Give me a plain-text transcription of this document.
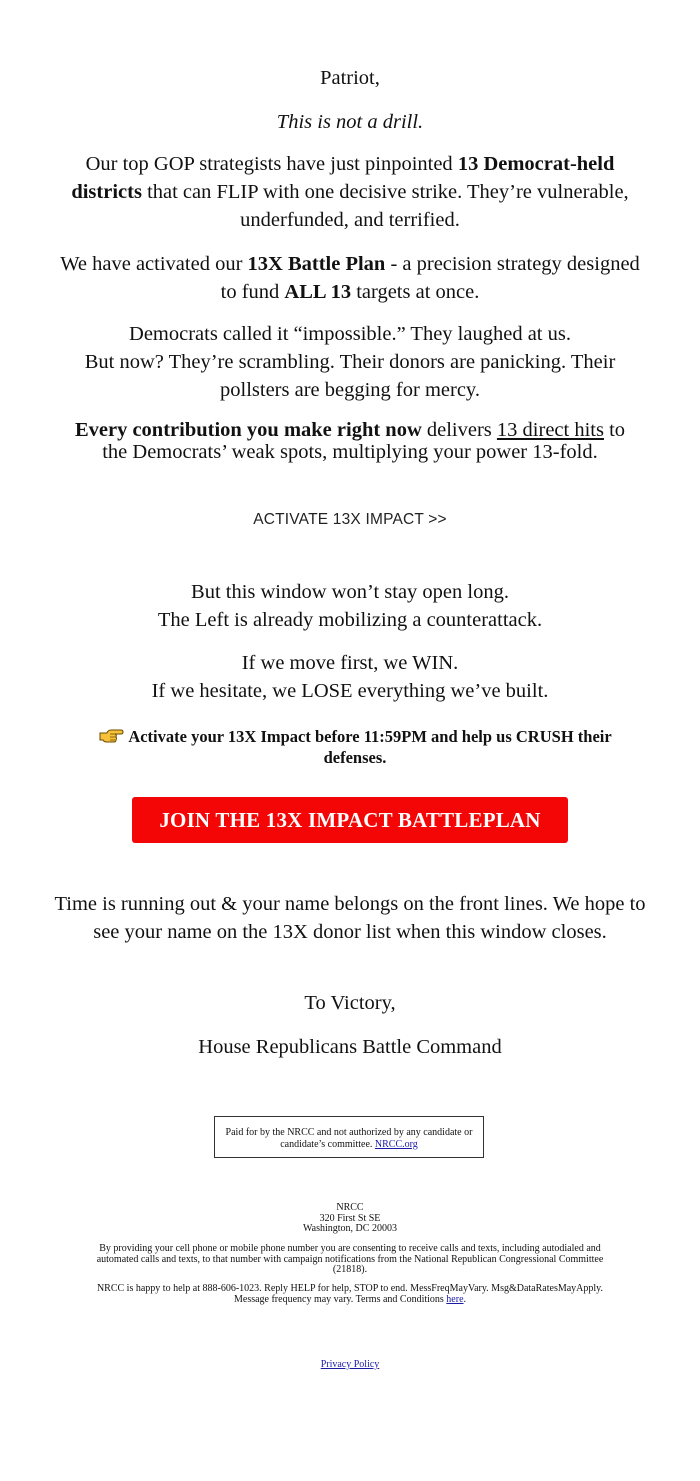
Patriot,

This is not a drill.

Our top GOP strategists have just pinpointed 13 Democrat-held districts that can FLIP with one decisive strike. They’re vulnerable, underfunded, and terrified.

We have activated our 13X Battle Plan - a precision strategy designed to fund ALL 13 targets at once.

Democrats called it “impossible.” They laughed at us.
But now? They’re scrambling. Their donors are panicking. Their pollsters are begging for mercy.

Every contribution you make right now delivers 13 direct hits to the Democrats’ weak spots, multiplying your power 13-fold.

ACTIVATE 13X IMPACT >>

But this window won’t stay open long.
The Left is already mobilizing a counterattack.

If we move first, we WIN.
If we hesitate, we LOSE everything we’ve built.

Activate your 13X Impact before 11:59PM and help us CRUSH their defenses.
JOIN THE 13X IMPACT BATTLEPLAN

Time is running out & your name belongs on the front lines. We hope to see your name on the 13X donor list when this window closes.

To Victory,

House Republicans Battle Command

Paid for by the NRCC and not authorized by any candidate or candidate’s committee. NRCC.org

NRCC
320 First St SE
Washington, DC 20003

By providing your cell phone or mobile phone number you are consenting to receive calls and texts, including autodialed and automated calls and texts, to that number with campaign notifications from the National Republican Congressional Committee (21818).

NRCC is happy to help at 888-606-1023. Reply HELP for help, STOP to end. MessFreqMayVary. Msg&DataRatesMayApply. Message frequency may vary. Terms and Conditions here.

Privacy Policy
